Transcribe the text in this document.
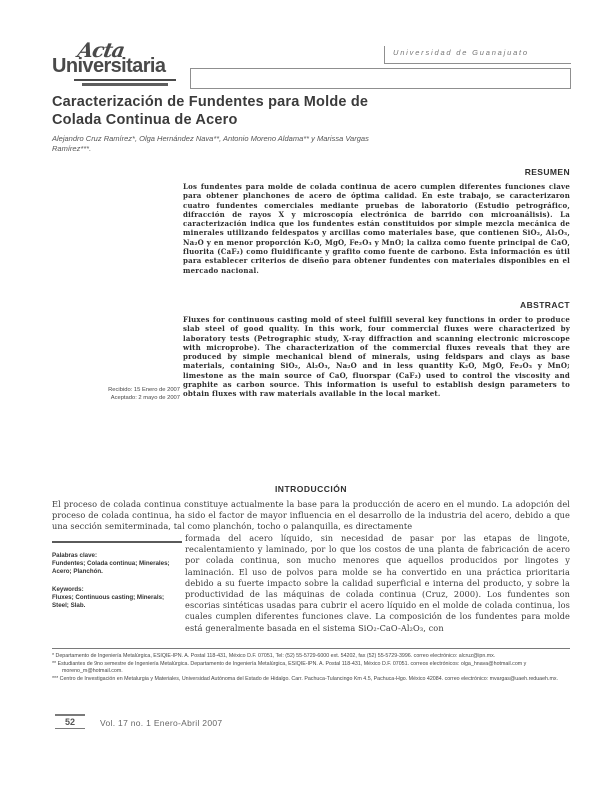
Universitaria
Acta	Universidad de Guanajuato
Caracterización de Fundentes para Molde de Colada Continua de Acero
Alejandro Cruz Ramírez*, Olga Hernández Nava**, Antonio Moreno Aldama** y Marissa Vargas Ramírez***.
RESUMEN
Los fundentes para molde de colada continua de acero cumplen diferentes funciones clave para obtener planchones de acero de óptima calidad. En este trabajo, se caracterizaron cuatro fundentes comerciales mediante pruebas de laboratorio (Estudio petrográfico, difracción de rayos X y microscopía electrónica de barrido con microanálisis). La caracterización indica que los fundentes están constituidos por simple mezcla mecánica de minerales utilizando feldespatos y arcillas como materiales base, que contienen SiO₂, Al₂O₃, Na₂O y en menor proporción K₂O, MgO, Fe₂O₃ y MnO; la caliza como fuente principal de CaO, fluorita (CaF₂) como fluidificante y grafito como fuente de carbono. Esta información es útil para establecer criterios de diseño para obtener fundentes con materiales disponibles en el mercado nacional.
ABSTRACT
Fluxes for continuous casting mold of steel fulfill several key functions in order to produce slab steel of good quality. In this work, four commercial fluxes were characterized by laboratory tests (Petrographic study, X-ray diffraction and scanning electronic microscope with microprobe). The characterization of the commercial fluxes reveals that they are produced by simple mechanical blend of minerals, using feldspars and clays as base materials, containing SiO₂, Al₂O₃, Na₂O and in less quantity K₂O, MgO, Fe₂O₃ y MnO; limestone as the main source of CaO, fluorspar (CaF₂) used to control the viscosity and graphite as carbon source. This information is useful to establish design parameters to obtain fluxes with raw materials available in the local market.
Recibido: 15 Enero de 2007
Aceptado: 2 mayo de 2007
INTRODUCCIÓN
El proceso de colada continua constituye actualmente la base para la producción de acero en el mundo. La adopción del proceso de colada continua, ha sido el factor de mayor influencia en el desarrollo de la industria del acero, debido a que una sección semiterminada, tal como planchón, tocho o palanquilla, es directamente
Palabras clave:

Fundentes; Colada continua; Minerales; Acero; Planchón.

Keywords:

Fluxes; Continuous casting; Minerals; Steel; Slab.

formada del acero líquido, sin necesidad de pasar por las etapas de lingote, recalentamiento y laminado, por lo que los costos de una planta de fabricación de acero por colada continua, son mucho menores que aquellos producidos por lingotes y laminación. El uso de polvos para molde se ha convertido en una práctica prioritaria debido a su fuerte impacto sobre la calidad superficial e interna del producto, y sobre la productividad de las máquinas de colada continua (Cruz, 2000). Los fundentes son escorias sintéticas usadas para cubrir el acero líquido en el molde de colada continua, los cuales cumplen diferentes funciones clave. La composición de los fundentes para molde está generalmente basada en el sistema SiO₂-CaO-Al₂O₃, con

* Departamento de Ingeniería Metalúrgica, ESIQIE-IPN. A. Postal 118-431, México D.F. 07051, Tel: (52) 55-5729-6000 ext. 54202, fax (52) 55-5729-3996. correo electrónico: alcruz@ipn.mx.

** Estudiantes de 9no semestre de Ingeniería Metalúrgica. Departamento de Ingeniería Metalúrgica, ESIQIE-IPN. A. Postal 118-431, México D.F. 07051. correos electrónicos: olga_hnava@hotmail.com y moreno_m@hotmail.com.

*** Centro de Investigación en Metalurgia y Materiales, Universidad Autónoma del Estado de Hidalgo. Carr. Pachuca-Tulancingo Km 4.5, Pachuca-Hgo. México 42084. correo electrónico: mvargas@uaeh.reduaeh.mx.

52	Vol. 17 no. 1 Enero-Abril 2007
